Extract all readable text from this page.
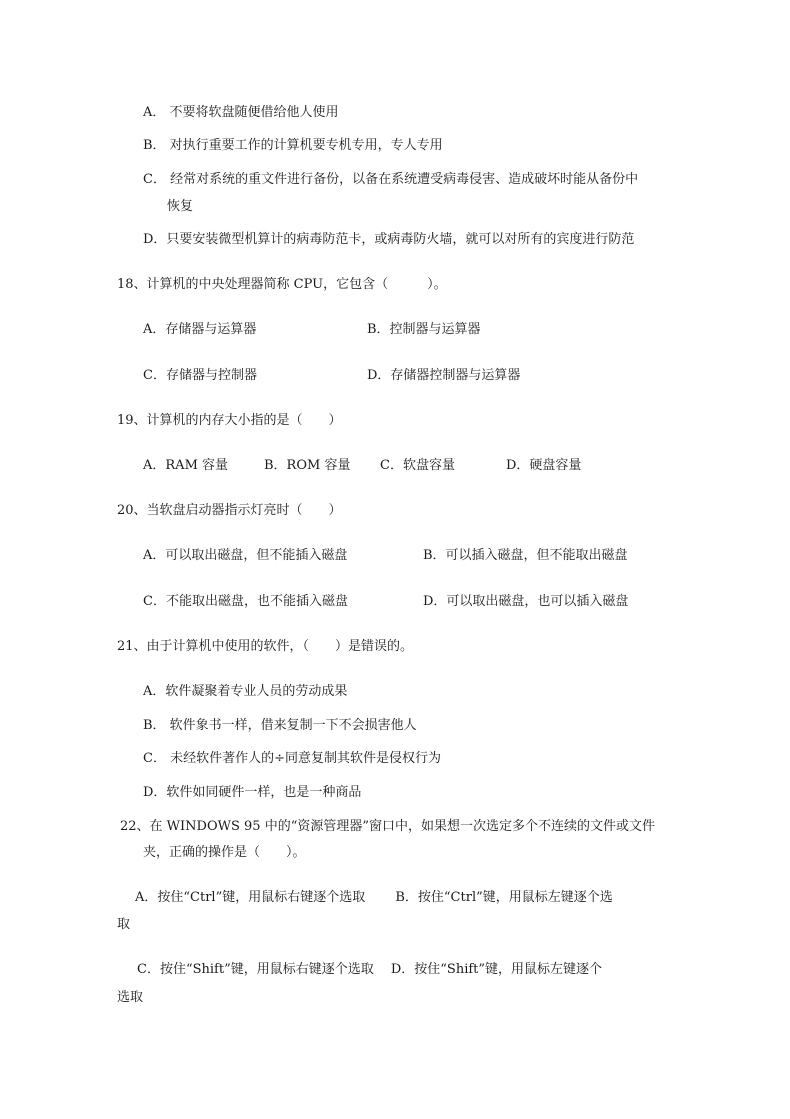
A． 不要将软盘随便借给他人使用
B． 对执行重要工作的计算机要专机专用，专人专用
C． 经常对系统的重文件进行备份，以备在系统遭受病毒侵害、造成破坏时能从备份中
恢复
D．只要安装微型机算计的病毒防范卡，或病毒防火墙，就可以对所有的宾度进行防范
18、计算机的中央处理器简称 CPU，它包含（　　　）。
A．存储器与运算器	B．控制器与运算器
C．存储器与控制器	D．存储器控制器与运算器
19、计算机的内存大小指的是（　　）
A．RAM 容量	B．ROM 容量 C．软盘容量	D．硬盘容量
20、当软盘启动器指示灯亮时（　　）
A．可以取出磁盘，但不能插入磁盘	B．可以插入磁盘，但不能取出磁盘
C．不能取出磁盘，也不能插入磁盘	D．可以取出磁盘，也可以插入磁盘
21、由于计算机中使用的软件，（　　）是错误的。
A．软件凝聚着专业人员的劳动成果
B． 软件象书一样，借来复制一下不会损害他人
C． 未经软件著作人的÷同意复制其软件是侵权行为
D．软件如同硬件一样，也是一种商品
22、在 WINDOWS 95 中的“资源管理器”窗口中，如果想一次选定多个不连续的文件或文件
夹，正确的操作是（　　）。
A．按住“Ctrl”键，用鼠标右键逐个选取　　 B．按住“Ctrl”键，用鼠标左键逐个选
取
C．按住“Shift”键，用鼠标右键逐个选取　 D．按住“Shift”键，用鼠标左键逐个
选取
